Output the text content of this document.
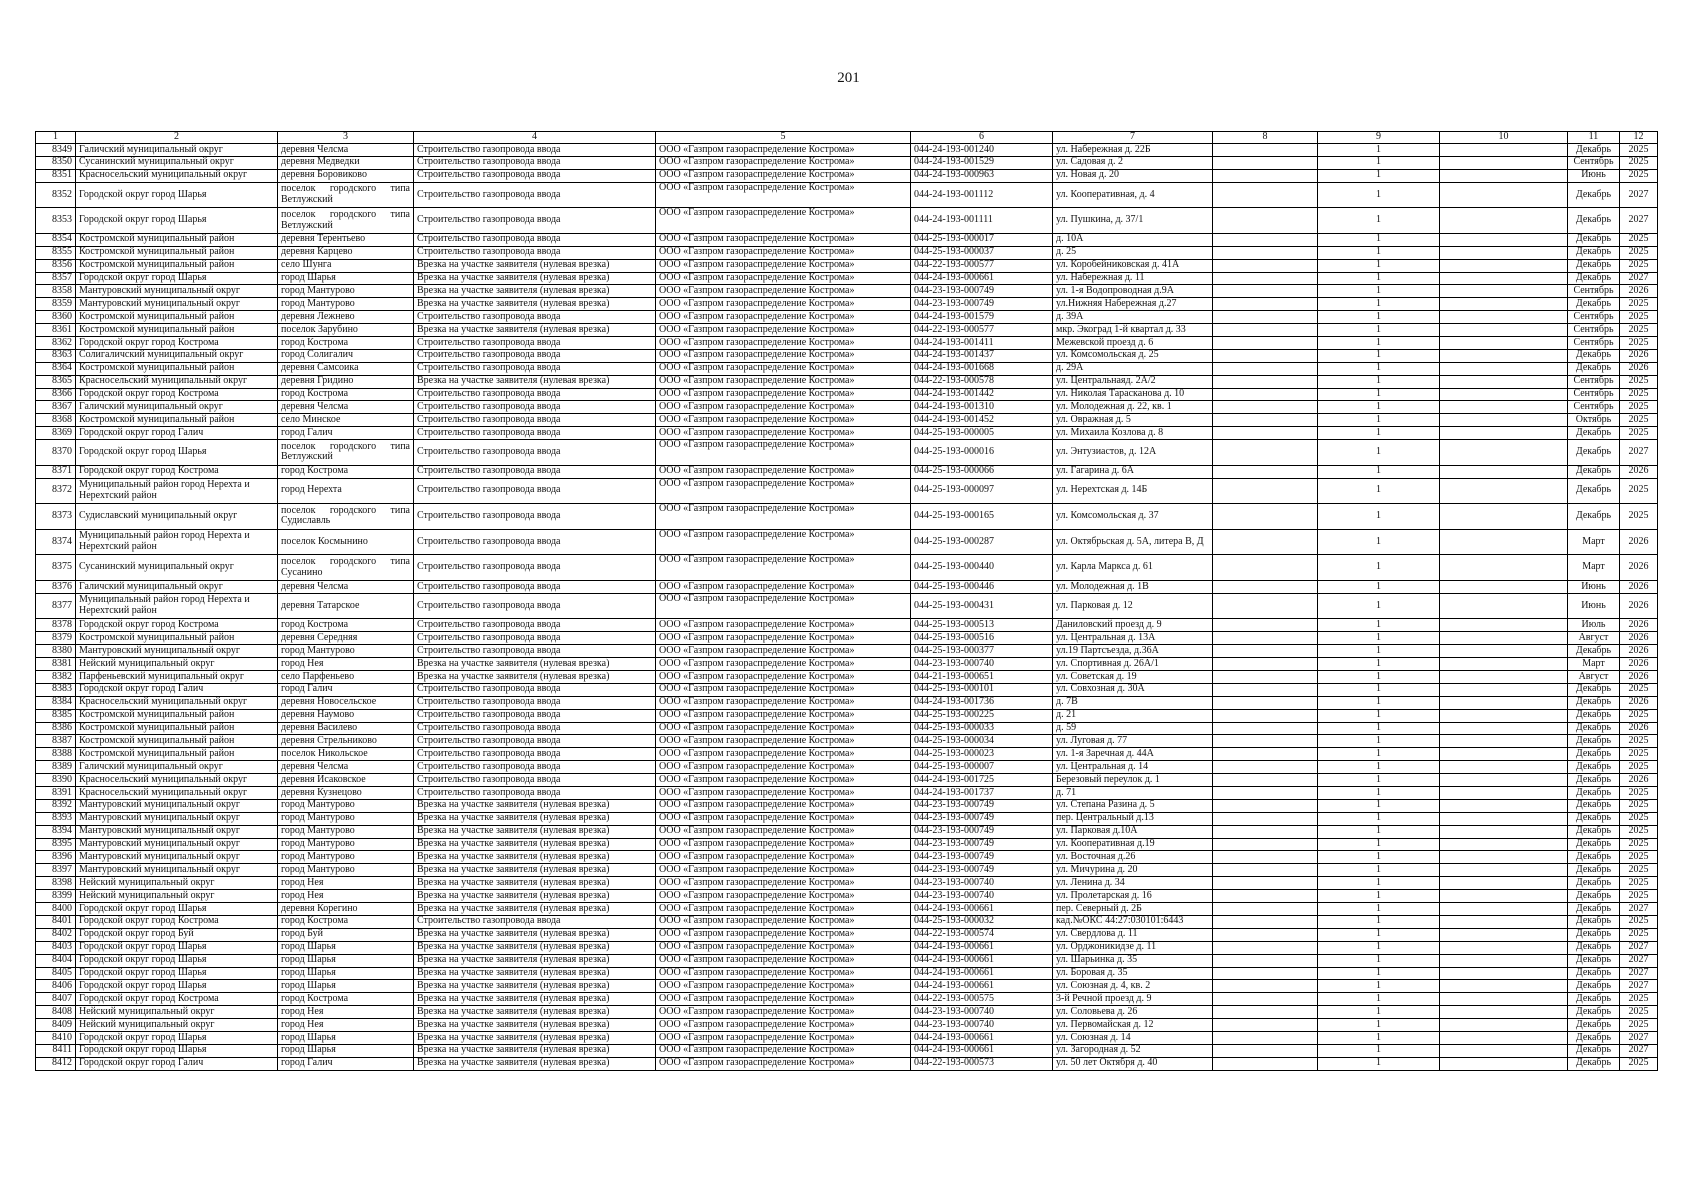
201
1	2	3	4	5	6	7	8	9	10	11	12
8349	Галичский муниципальный округ	деревня Челсма	Строительство газопровода ввода	ООО «Газпром газораспределение Кострома»	044-24-193-001240	ул. Набережная д. 22Б		1		Декабрь	2025
8350	Сусанинский муниципальный округ	деревня Медведки	Строительство газопровода ввода	ООО «Газпром газораспределение Кострома»	044-24-193-001529	ул. Садовая д. 2		1		Сентябрь	2025
8351	Красносельский муниципальный округ	деревня Боровиково	Строительство газопровода ввода	ООО «Газпром газораспределение Кострома»	044-24-193-000963	ул. Новая д. 20		1		Июнь	2025
8352	Городской округ город Шарья	поселок городского типа Ветлужский	Строительство газопровода ввода	ООО «Газпром газораспределение Кострома»	044-24-193-001112	ул. Кооперативная, д. 4		1		Декабрь	2027
8353	Городской округ город Шарья	поселок городского типа Ветлужский	Строительство газопровода ввода	ООО «Газпром газораспределение Кострома»	044-24-193-001111	ул. Пушкина, д. 37/1		1		Декабрь	2027
8354	Костромской муниципальный район	деревня Терентьево	Строительство газопровода ввода	ООО «Газпром газораспределение Кострома»	044-25-193-000017	д. 10А		1		Декабрь	2025
8355	Костромской муниципальный район	деревня Карцево	Строительство газопровода ввода	ООО «Газпром газораспределение Кострома»	044-25-193-000037	д. 25		1		Декабрь	2025
8356	Костромской муниципальный район	село Шунга	Врезка на участке заявителя (нулевая врезка)	ООО «Газпром газораспределение Кострома»	044-22-193-000577	ул. Коробейниковская д. 41А		1		Декабрь	2025
8357	Городской округ город Шарья	город Шарья	Врезка на участке заявителя (нулевая врезка)	ООО «Газпром газораспределение Кострома»	044-24-193-000661	ул. Набережная д. 11		1		Декабрь	2027
8358	Мантуровский муниципальный округ	город Мантурово	Врезка на участке заявителя (нулевая врезка)	ООО «Газпром газораспределение Кострома»	044-23-193-000749	ул. 1-я Водопроводная д.9А		1		Сентябрь	2026
8359	Мантуровский муниципальный округ	город Мантурово	Врезка на участке заявителя (нулевая врезка)	ООО «Газпром газораспределение Кострома»	044-23-193-000749	ул.Нижняя Набережная д.27		1		Декабрь	2025
8360	Костромской муниципальный район	деревня Лежнево	Строительство газопровода ввода	ООО «Газпром газораспределение Кострома»	044-24-193-001579	д. 39А		1		Сентябрь	2025
8361	Костромской муниципальный район	поселок Зарубино	Врезка на участке заявителя (нулевая врезка)	ООО «Газпром газораспределение Кострома»	044-22-193-000577	мкр. Экоград 1-й квартал д. 33		1		Сентябрь	2025
8362	Городской округ город Кострома	город Кострома	Строительство газопровода ввода	ООО «Газпром газораспределение Кострома»	044-24-193-001411	Межевской проезд д. 6		1		Сентябрь	2025
8363	Солигаличский муниципальный округ	город Солигалич	Строительство газопровода ввода	ООО «Газпром газораспределение Кострома»	044-24-193-001437	ул. Комсомольская д. 25		1		Декабрь	2026
8364	Костромской муниципальный район	деревня Самсоика	Строительство газопровода ввода	ООО «Газпром газораспределение Кострома»	044-24-193-001668	д. 29А		1		Декабрь	2026
8365	Красносельский муниципальный округ	деревня Гридино	Врезка на участке заявителя (нулевая врезка)	ООО «Газпром газораспределение Кострома»	044-22-193-000578	ул. Центральнаяд. 2А/2		1		Сентябрь	2025
8366	Городской округ город Кострома	город Кострома	Строительство газопровода ввода	ООО «Газпром газораспределение Кострома»	044-24-193-001442	ул. Николая Тарасканова д. 10		1		Сентябрь	2025
8367	Галичский муниципальный округ	деревня Челсма	Строительство газопровода ввода	ООО «Газпром газораспределение Кострома»	044-24-193-001310	ул. Молодежная д. 22, кв. 1		1		Сентябрь	2025
8368	Костромской муниципальный район	село Минское	Строительство газопровода ввода	ООО «Газпром газораспределение Кострома»	044-24-193-001452	ул. Овражная д. 5		1		Октябрь	2025
8369	Городской округ город Галич	город Галич	Строительство газопровода ввода	ООО «Газпром газораспределение Кострома»	044-25-193-000005	ул. Михаила Козлова д. 8		1		Декабрь	2025
8370	Городской округ город Шарья	поселок городского типа Ветлужский	Строительство газопровода ввода	ООО «Газпром газораспределение Кострома»	044-25-193-000016	ул. Энтузиастов, д. 12А		1		Декабрь	2027
8371	Городской округ город Кострома	город Кострома	Строительство газопровода ввода	ООО «Газпром газораспределение Кострома»	044-25-193-000066	ул. Гагарина д. 6А		1		Декабрь	2026
8372	Муниципальный район город Нерехта и Нерехтский район	город Нерехта	Строительство газопровода ввода	ООО «Газпром газораспределение Кострома»	044-25-193-000097	ул. Нерехтская д. 14Б		1		Декабрь	2025
8373	Судиславский муниципальный округ	поселок городского типа Судиславль	Строительство газопровода ввода	ООО «Газпром газораспределение Кострома»	044-25-193-000165	ул. Комсомольская д. 37		1		Декабрь	2025
8374	Муниципальный район город Нерехта и Нерехтский район	поселок Космынино	Строительство газопровода ввода	ООО «Газпром газораспределение Кострома»	044-25-193-000287	ул. Октябрьская д. 5А, литера В, Д		1		Март	2026
8375	Сусанинский муниципальный округ	поселок городского типа Сусанино	Строительство газопровода ввода	ООО «Газпром газораспределение Кострома»	044-25-193-000440	ул. Карла Маркса д. 61		1		Март	2026
8376	Галичский муниципальный округ	деревня Челсма	Строительство газопровода ввода	ООО «Газпром газораспределение Кострома»	044-25-193-000446	ул. Молодежная д. 1В		1		Июнь	2026
8377	Муниципальный район город Нерехта и Нерехтский район	деревня Татарское	Строительство газопровода ввода	ООО «Газпром газораспределение Кострома»	044-25-193-000431	ул. Парковая д. 12		1		Июнь	2026
8378	Городской округ город Кострома	город Кострома	Строительство газопровода ввода	ООО «Газпром газораспределение Кострома»	044-25-193-000513	Даниловский проезд д. 9		1		Июль	2026
8379	Костромской муниципальный район	деревня Середняя	Строительство газопровода ввода	ООО «Газпром газораспределение Кострома»	044-25-193-000516	ул. Центральная д. 13А		1		Август	2026
8380	Мантуровский муниципальный округ	город Мантурово	Строительство газопровода ввода	ООО «Газпром газораспределение Кострома»	044-25-193-000377	ул.19 Партсъезда, д.36А		1		Декабрь	2026
8381	Нейский муниципальный округ	город Нея	Врезка на участке заявителя (нулевая врезка)	ООО «Газпром газораспределение Кострома»	044-23-193-000740	ул. Спортивная д. 26А/1		1		Март	2026
8382	Парфеньевский муниципальный округ	село Парфеньево	Врезка на участке заявителя (нулевая врезка)	ООО «Газпром газораспределение Кострома»	044-21-193-000651	ул. Советская д. 19		1		Август	2026
8383	Городской округ город Галич	город Галич	Строительство газопровода ввода	ООО «Газпром газораспределение Кострома»	044-25-193-000101	ул. Совхозная д. 30А		1		Декабрь	2025
8384	Красносельский муниципальный округ	деревня Новосельское	Строительство газопровода ввода	ООО «Газпром газораспределение Кострома»	044-24-193-001736	д. 7В		1		Декабрь	2026
8385	Костромской муниципальный район	деревня Наумово	Строительство газопровода ввода	ООО «Газпром газораспределение Кострома»	044-25-193-000225	д. 21		1		Декабрь	2025
8386	Костромской муниципальный район	деревня Василево	Строительство газопровода ввода	ООО «Газпром газораспределение Кострома»	044-25-193-000033	д. 59		1		Декабрь	2026
8387	Костромской муниципальный район	деревня Стрельниково	Строительство газопровода ввода	ООО «Газпром газораспределение Кострома»	044-25-193-000034	ул. Луговая д. 77		1		Декабрь	2025
8388	Костромской муниципальный район	поселок Никольское	Строительство газопровода ввода	ООО «Газпром газораспределение Кострома»	044-25-193-000023	ул. 1-я Заречная д. 44А		1		Декабрь	2025
8389	Галичский муниципальный округ	деревня Челсма	Строительство газопровода ввода	ООО «Газпром газораспределение Кострома»	044-25-193-000007	ул. Центральная д. 14		1		Декабрь	2025
8390	Красносельский муниципальный округ	деревня Исаковское	Строительство газопровода ввода	ООО «Газпром газораспределение Кострома»	044-24-193-001725	Березовый переулок д. 1		1		Декабрь	2026
8391	Красносельский муниципальный округ	деревня Кузнецово	Строительство газопровода ввода	ООО «Газпром газораспределение Кострома»	044-24-193-001737	д. 71		1		Декабрь	2025
8392	Мантуровский муниципальный округ	город Мантурово	Врезка на участке заявителя (нулевая врезка)	ООО «Газпром газораспределение Кострома»	044-23-193-000749	ул. Степана Разина д. 5		1		Декабрь	2025
8393	Мантуровский муниципальный округ	город Мантурово	Врезка на участке заявителя (нулевая врезка)	ООО «Газпром газораспределение Кострома»	044-23-193-000749	пер. Центральный д.13		1		Декабрь	2025
8394	Мантуровский муниципальный округ	город Мантурово	Врезка на участке заявителя (нулевая врезка)	ООО «Газпром газораспределение Кострома»	044-23-193-000749	ул. Парковая д.10А		1		Декабрь	2025
8395	Мантуровский муниципальный округ	город Мантурово	Врезка на участке заявителя (нулевая врезка)	ООО «Газпром газораспределение Кострома»	044-23-193-000749	ул. Кооперативная д.19		1		Декабрь	2025
8396	Мантуровский муниципальный округ	город Мантурово	Врезка на участке заявителя (нулевая врезка)	ООО «Газпром газораспределение Кострома»	044-23-193-000749	ул. Восточная д.26		1		Декабрь	2025
8397	Мантуровский муниципальный округ	город Мантурово	Врезка на участке заявителя (нулевая врезка)	ООО «Газпром газораспределение Кострома»	044-23-193-000749	ул. Мичурина д. 20		1		Декабрь	2025
8398	Нейский муниципальный округ	город Нея	Врезка на участке заявителя (нулевая врезка)	ООО «Газпром газораспределение Кострома»	044-23-193-000740	ул. Ленина д. 34		1		Декабрь	2025
8399	Нейский муниципальный округ	город Нея	Врезка на участке заявителя (нулевая врезка)	ООО «Газпром газораспределение Кострома»	044-23-193-000740	ул. Пролетарская д. 16		1		Декабрь	2025
8400	Городской округ город Шарья	деревня Корегино	Врезка на участке заявителя (нулевая врезка)	ООО «Газпром газораспределение Кострома»	044-24-193-000661	пер. Северный д. 2Б		1		Декабрь	2027
8401	Городской округ город Кострома	город Кострома	Строительство газопровода ввода	ООО «Газпром газораспределение Кострома»	044-25-193-000032	кад.№ОКС 44:27:030101:6443		1		Декабрь	2025
8402	Городской округ город Буй	город Буй	Врезка на участке заявителя (нулевая врезка)	ООО «Газпром газораспределение Кострома»	044-22-193-000574	ул. Свердлова д. 11		1		Декабрь	2025
8403	Городской округ город Шарья	город Шарья	Врезка на участке заявителя (нулевая врезка)	ООО «Газпром газораспределение Кострома»	044-24-193-000661	ул. Орджоникидзе д. 11		1		Декабрь	2027
8404	Городской округ город Шарья	город Шарья	Врезка на участке заявителя (нулевая врезка)	ООО «Газпром газораспределение Кострома»	044-24-193-000661	ул. Шарьинка д. 35		1		Декабрь	2027
8405	Городской округ город Шарья	город Шарья	Врезка на участке заявителя (нулевая врезка)	ООО «Газпром газораспределение Кострома»	044-24-193-000661	ул. Боровая д. 35		1		Декабрь	2027
8406	Городской округ город Шарья	город Шарья	Врезка на участке заявителя (нулевая врезка)	ООО «Газпром газораспределение Кострома»	044-24-193-000661	ул. Союзная д. 4, кв. 2		1		Декабрь	2027
8407	Городской округ город Кострома	город Кострома	Врезка на участке заявителя (нулевая врезка)	ООО «Газпром газораспределение Кострома»	044-22-193-000575	3-й Речной проезд д. 9		1		Декабрь	2025
8408	Нейский муниципальный округ	город Нея	Врезка на участке заявителя (нулевая врезка)	ООО «Газпром газораспределение Кострома»	044-23-193-000740	ул. Соловьева д. 26		1		Декабрь	2025
8409	Нейский муниципальный округ	город Нея	Врезка на участке заявителя (нулевая врезка)	ООО «Газпром газораспределение Кострома»	044-23-193-000740	ул. Первомайская д. 12		1		Декабрь	2025
8410	Городской округ город Шарья	город Шарья	Врезка на участке заявителя (нулевая врезка)	ООО «Газпром газораспределение Кострома»	044-24-193-000661	ул. Союзная д. 14		1		Декабрь	2027
8411	Городской округ город Шарья	город Шарья	Врезка на участке заявителя (нулевая врезка)	ООО «Газпром газораспределение Кострома»	044-24-193-000661	ул. Загородная д. 52		1		Декабрь	2027
8412	Городской округ город Галич	город Галич	Врезка на участке заявителя (нулевая врезка)	ООО «Газпром газораспределение Кострома»	044-22-193-000573	ул. 50 лет Октября д. 40		1		Декабрь	2025
